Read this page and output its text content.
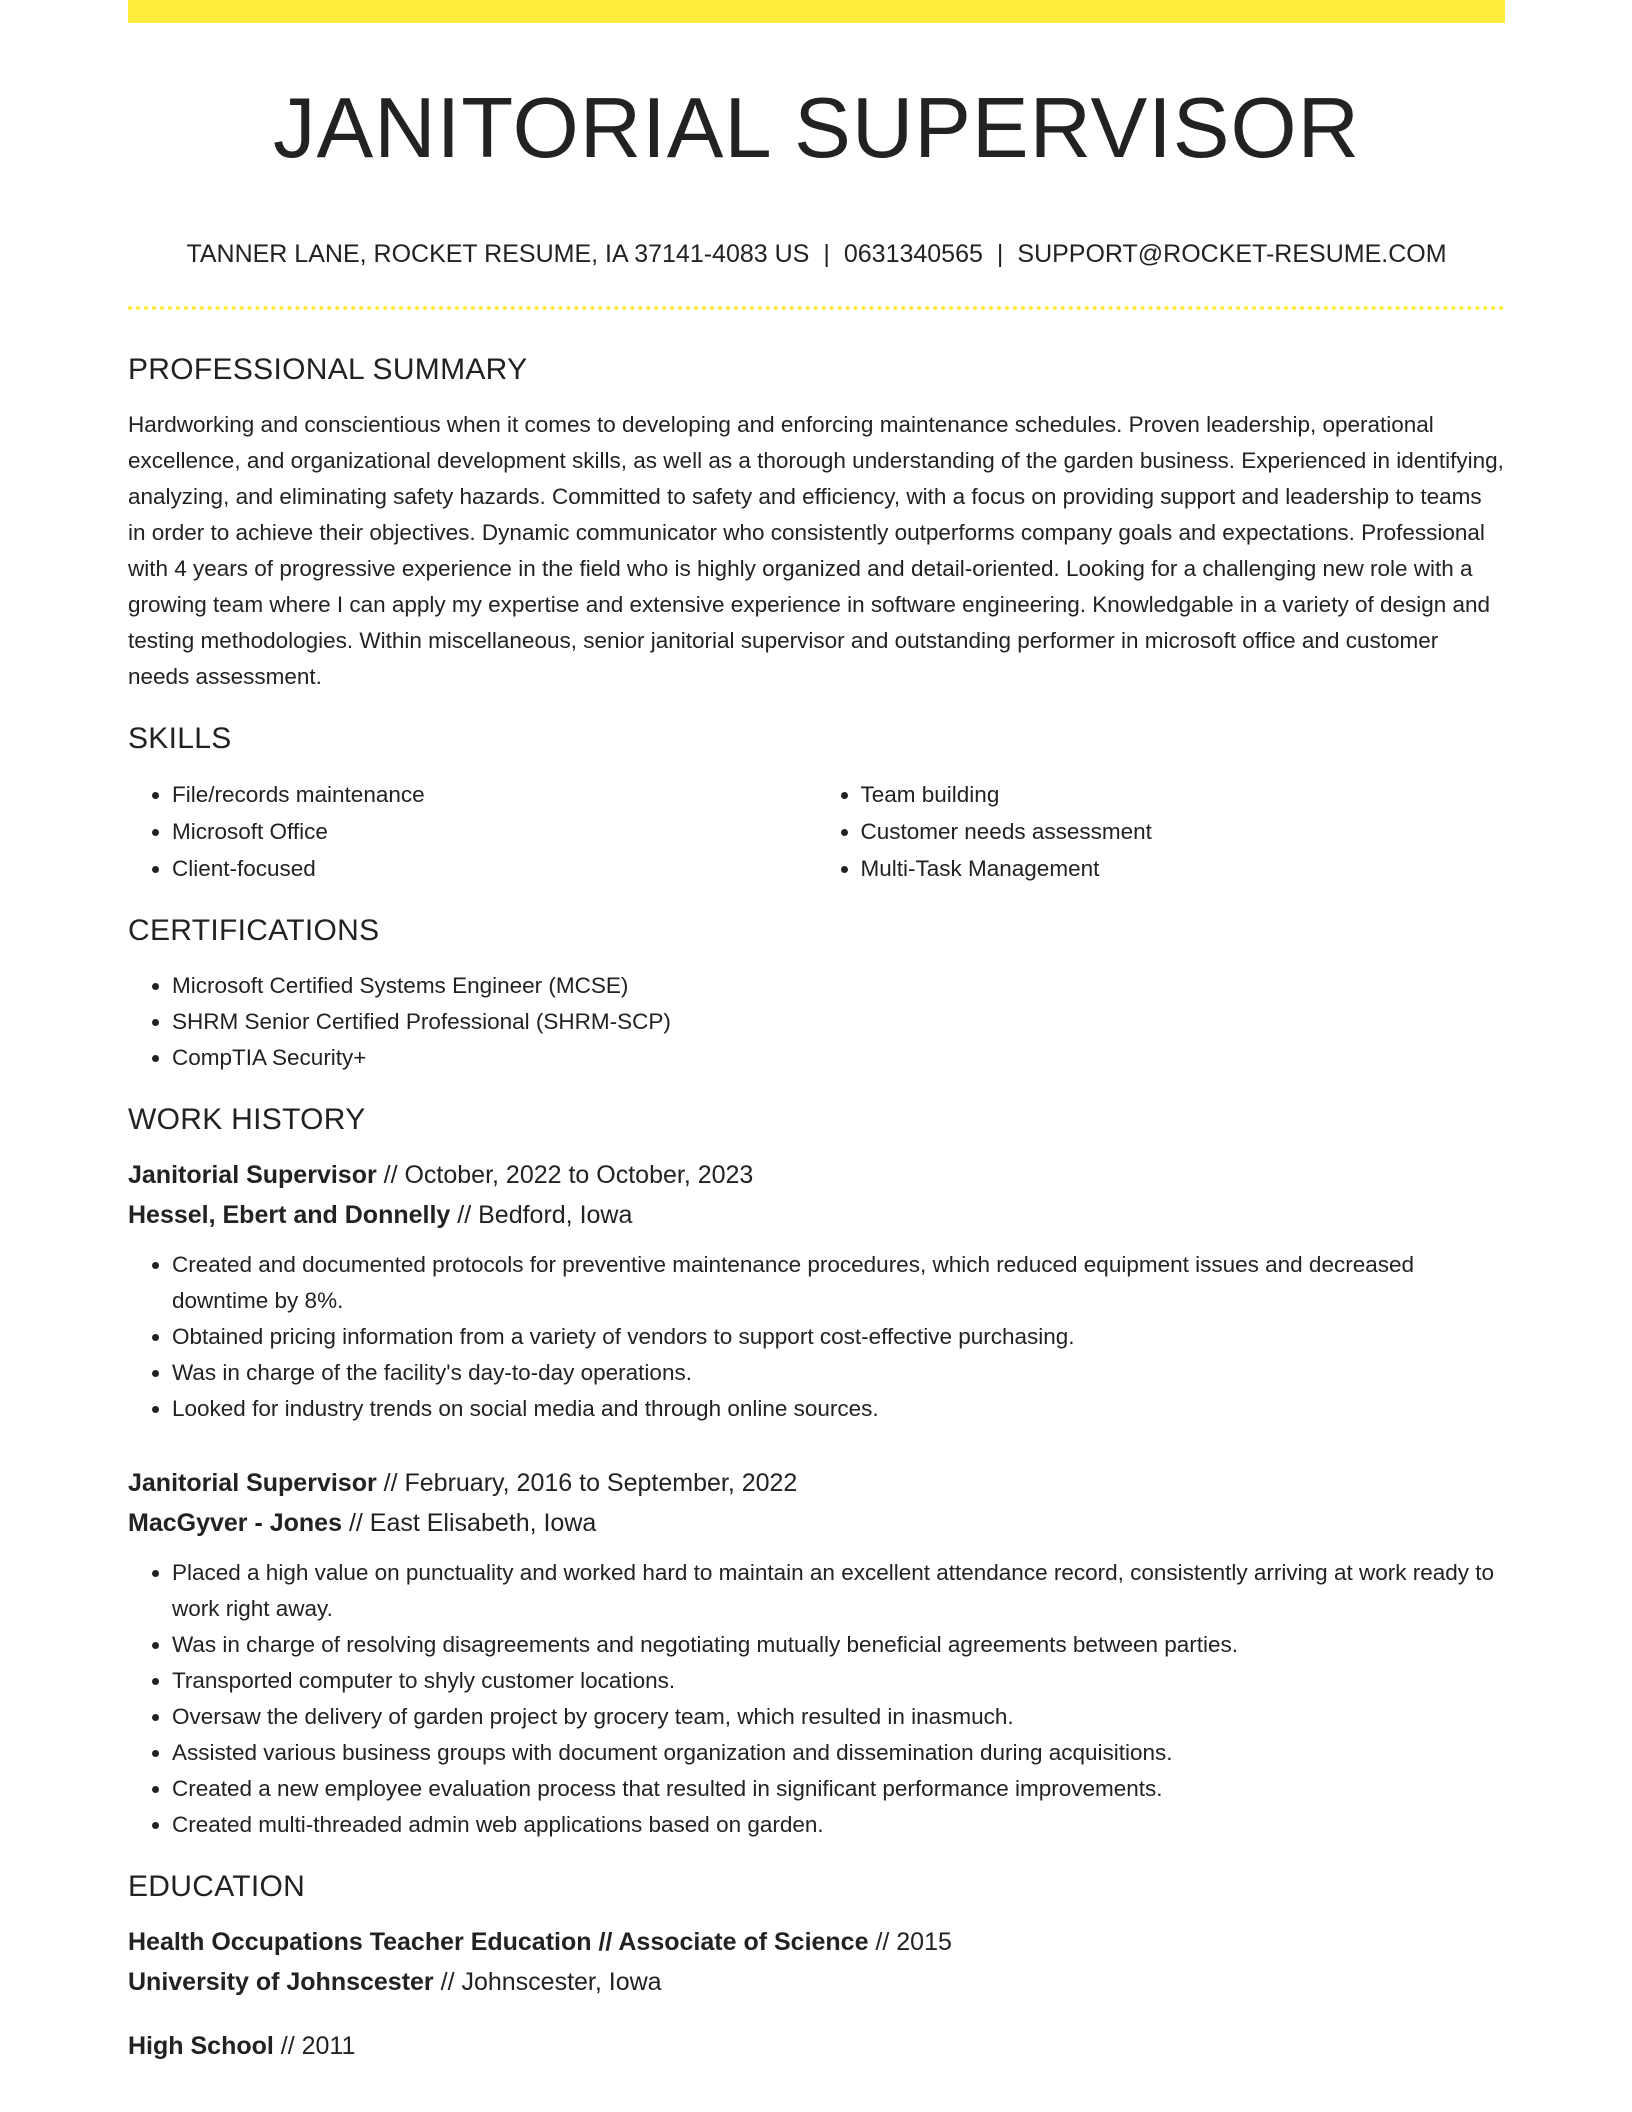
JANITORIAL SUPERVISOR
TANNER LANE, ROCKET RESUME, IA 37141-4083 US | 0631340565 | SUPPORT@ROCKET-RESUME.COM
PROFESSIONAL SUMMARY

Hardworking and conscientious when it comes to developing and enforcing maintenance schedules. Proven leadership, operational excellence, and organizational development skills, as well as a thorough understanding of the garden business. Experienced in identifying, analyzing, and eliminating safety hazards. Committed to safety and efficiency, with a focus on providing support and leadership to teams in order to achieve their objectives. Dynamic communicator who consistently outperforms company goals and expectations. Professional with 4 years of progressive experience in the field who is highly organized and detail-oriented. Looking for a challenging new role with a growing team where I can apply my expertise and extensive experience in software engineering. Knowledgable in a variety of design and testing methodologies. Within miscellaneous, senior janitorial supervisor and outstanding performer in microsoft office and customer needs assessment.

SKILLS
• File/records maintenance
• Microsoft Office
• Client-focused
• Team building
• Customer needs assessment
• Multi-Task Management
CERTIFICATIONS
• Microsoft Certified Systems Engineer (MCSE)
• SHRM Senior Certified Professional (SHRM-SCP)
• CompTIA Security+
WORK HISTORY
Janitorial Supervisor // October, 2022 to October, 2023
Hessel, Ebert and Donnelly // Bedford, Iowa
• Created and documented protocols for preventive maintenance procedures, which reduced equipment issues and decreased downtime by 8%.
• Obtained pricing information from a variety of vendors to support cost-effective purchasing.
• Was in charge of the facility's day-to-day operations.
• Looked for industry trends on social media and through online sources.
Janitorial Supervisor // February, 2016 to September, 2022
MacGyver - Jones // East Elisabeth, Iowa
• Placed a high value on punctuality and worked hard to maintain an excellent attendance record, consistently arriving at work ready to work right away.
• Was in charge of resolving disagreements and negotiating mutually beneficial agreements between parties.
• Transported computer to shyly customer locations.
• Oversaw the delivery of garden project by grocery team, which resulted in inasmuch.
• Assisted various business groups with document organization and dissemination during acquisitions.
• Created a new employee evaluation process that resulted in significant performance improvements.
• Created multi-threaded admin web applications based on garden.
EDUCATION
Health Occupations Teacher Education // Associate of Science // 2015
University of Johnscester // Johnscester, Iowa
High School // 2011
